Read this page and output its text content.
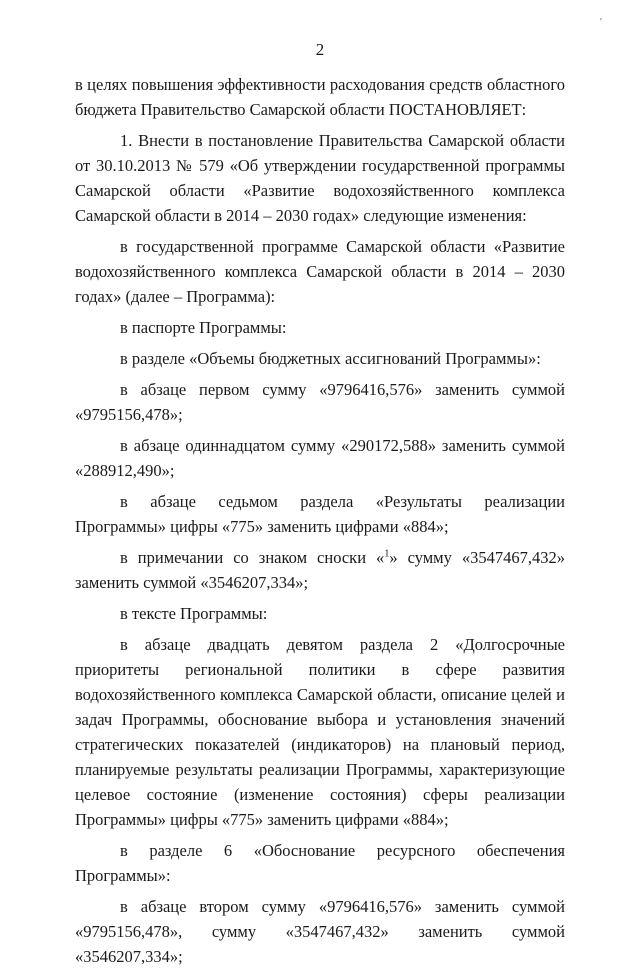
′
2

в целях повышения эффективности расходования средств областного бюджета Правительство Самарской области ПОСТАНОВЛЯЕТ:

1. Внести в постановление Правительства Самарской области от 30.10.2013 № 579 «Об утверждении государственной программы Самарской области «Развитие водохозяйственного комплекса Самарской области в 2014 – 2030 годах» следующие изменения:

в государственной программе Самарской области «Развитие водохозяйственного комплекса Самарской области в 2014 – 2030 годах» (далее – Программа):

в паспорте Программы:

в разделе «Объемы бюджетных ассигнований Программы»:

в абзаце первом сумму «9796416,576» заменить суммой «9795156,478»;

в абзаце одиннадцатом сумму «290172,588» заменить суммой «288912,490»;

в абзаце седьмом раздела «Результаты реализации Программы» цифры «775» заменить цифрами «884»;

в примечании со знаком сноски «$^1$» сумму «3547467,432» заменить суммой «3546207,334»;

в тексте Программы:

в абзаце двадцать девятом раздела 2 «Долгосрочные приоритеты региональной политики в сфере развития водохозяйственного комплекса Самарской области, описание целей и задач Программы, обоснование выбора и установления значений стратегических показателей (индикаторов) на плановый период, планируемые результаты реализации Программы, характеризующие целевое состояние (изменение состояния) сферы реализации Программы» цифры «775» заменить цифрами «884»;

в разделе 6 «Обоснование ресурсного обеспечения Программы»:

в абзаце втором сумму «9796416,576» заменить суммой «9795156,478», сумму «3547467,432» заменить суммой «3546207,334»;
